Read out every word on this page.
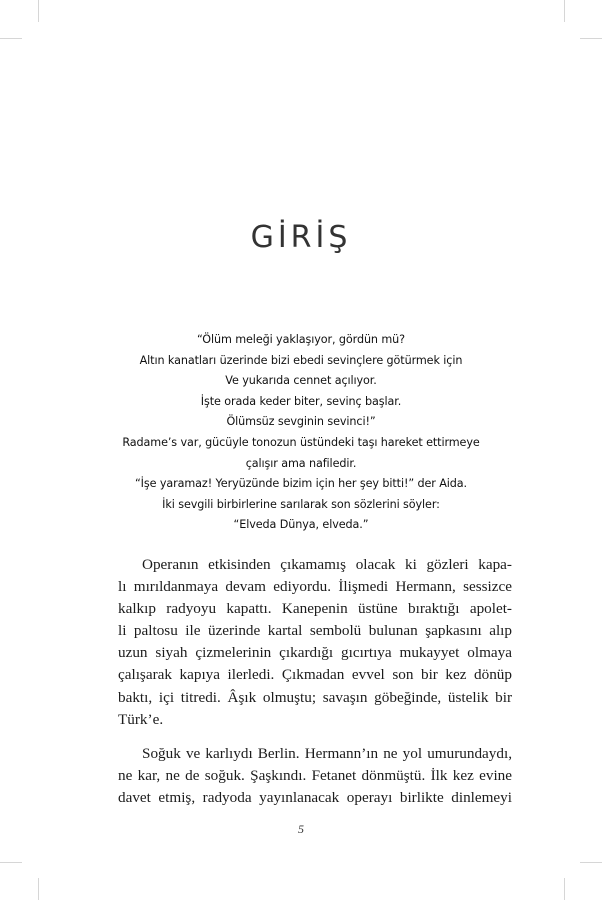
GİRİŞ
“Ölüm meleği yaklaşıyor, gördün mü?
Altın kanatları üzerinde bizi ebedi sevinçlere götürmek için
Ve yukarıda cennet açılıyor.
İşte orada keder biter, sevinç başlar.
Ölümsüz sevginin sevinci!”
Radame’s var, gücüyle tonozun üstündeki taşı hareket ettirmeye
çalışır ama nafiledir.
“İşe yaramaz! Yeryüzünde bizim için her şey bitti!” der Aida.
İki sevgili birbirlerine sarılarak son sözlerini söyler:
“Elveda Dünya, elveda.”
Operanın etkisinden çıkamamış olacak ki gözleri kapa-
lı mırıldanmaya devam ediyordu. İlişmedi Hermann, sessizce
kalkıp radyoyu kapattı. Kanepenin üstüne bıraktığı apolet-
li paltosu ile üzerinde kartal sembolü bulunan şapkasını alıp
uzun siyah çizmelerinin çıkardığı gıcırtıya mukayyet olmaya
çalışarak kapıya ilerledi. Çıkmadan evvel son bir kez dönüp
baktı, içi titredi. Âşık olmuştu; savaşın göbeğinde, üstelik bir
Türk’e.
Soğuk ve karlıydı Berlin. Hermann’ın ne yol umurundaydı,
ne kar, ne de soğuk. Şaşkındı. Fetanet dönmüştü. İlk kez evine
davet etmiş, radyoda yayınlanacak operayı birlikte dinlemeyi
5
